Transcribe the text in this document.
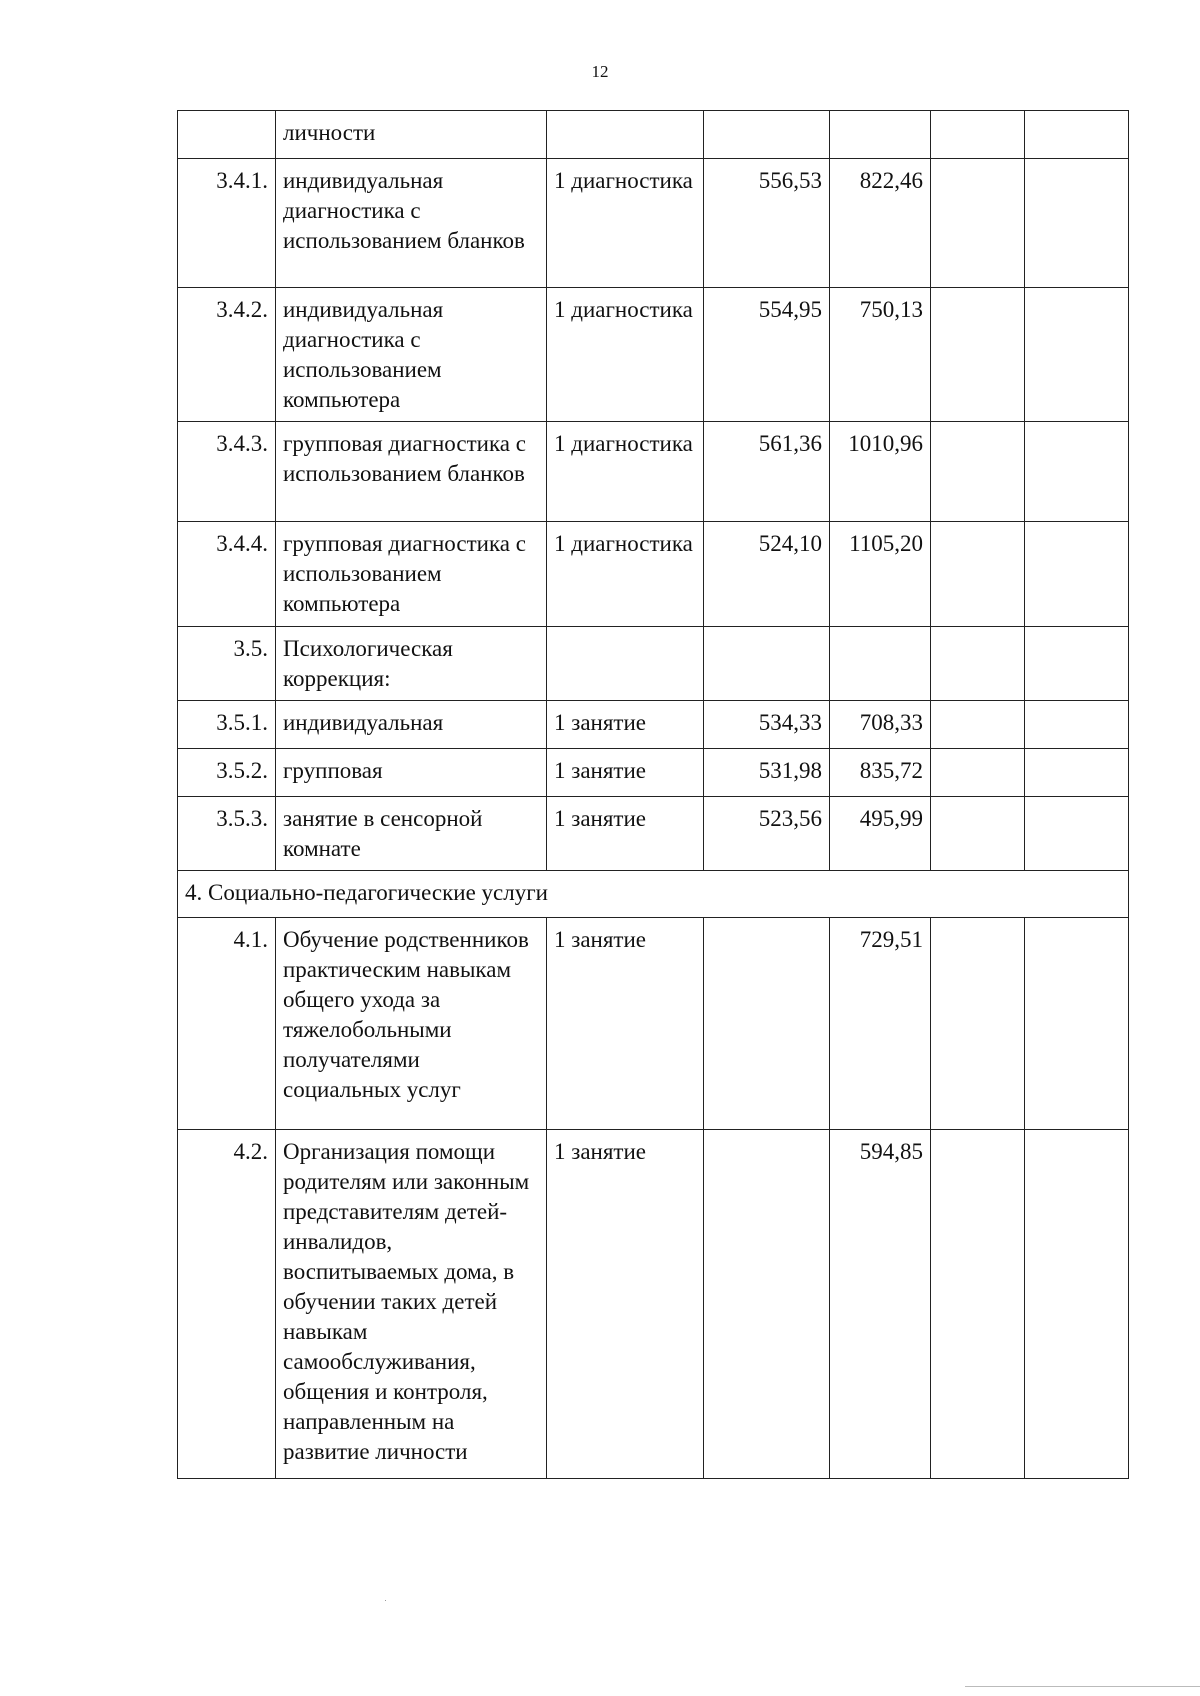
12
	личности					
3.4.1.	индивидуальная диагностика с использованием бланков	1 диагностика	556,53	822,46		
3.4.2.	индивидуальная диагностика с использованием компьютера	1 диагностика	554,95	750,13		
3.4.3.	групповая диагностика с использованием бланков	1 диагностика	561,36	1010,96		
3.4.4.	групповая диагностика с использованием компьютера	1 диагностика	524,10	1105,20		
3.5.	Психологическая коррекция:					
3.5.1.	индивидуальная	1 занятие	534,33	708,33		
3.5.2.	групповая	1 занятие	531,98	835,72		
3.5.3.	занятие в сенсорной комнате	1 занятие	523,56	495,99		
4. Социально-педагогические услуги						
4.1.	Обучение родственников практическим навыкам общего ухода за тяжелобольными получателями социальных услуг	1 занятие		729,51		
4.2.	Организация помощи родителям или законным представителям детей-инвалидов, воспитываемых дома, в обучении таких детей навыкам самообслуживания, общения и контроля, направленным на развитие личности	1 занятие		594,85		
